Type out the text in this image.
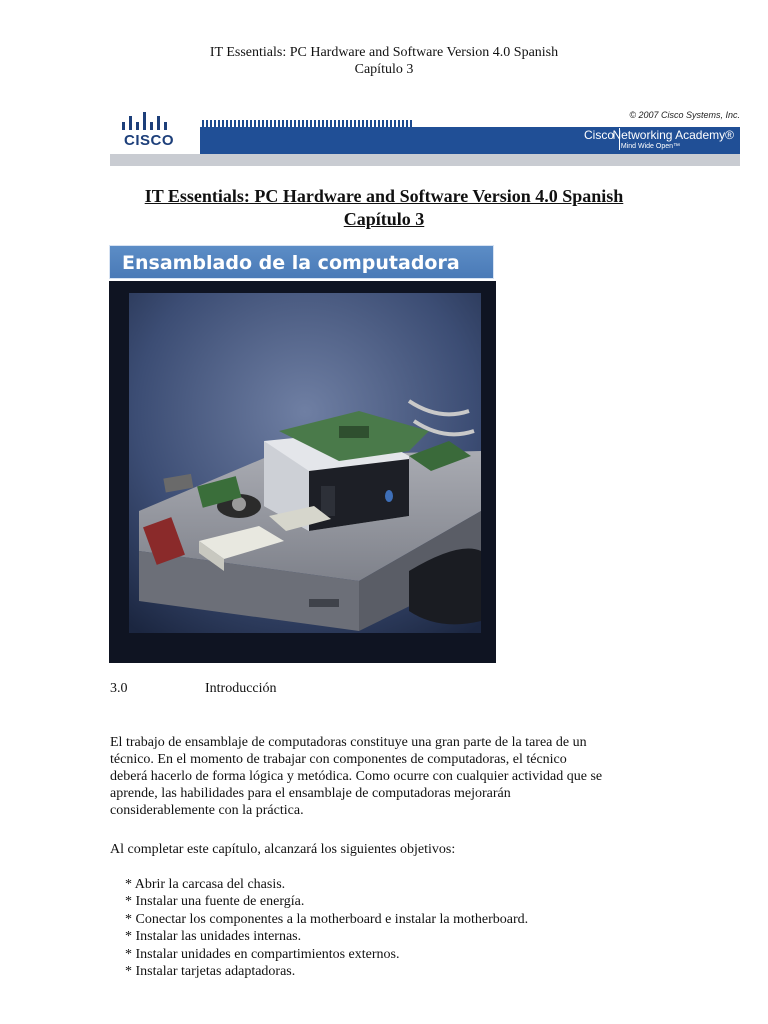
IT Essentials: PC Hardware and Software Version 4.0 Spanish
Capítulo 3
CISCO
© 2007 Cisco Systems, Inc.
Cisco
Networking Academy®
Mind Wide Open™
IT Essentials: PC Hardware and Software Version 4.0 Spanish
Capítulo 3
Ensamblado de la computadora
3.0	Introducción
El trabajo de ensamblaje de computadoras constituye una gran parte de la tarea de un
técnico. En el momento de trabajar con componentes de computadoras, el técnico
deberá hacerlo de forma lógica y metódica. Como ocurre con cualquier actividad que se
aprende, las habilidades para el ensamblaje de computadoras mejorarán
considerablemente con la práctica.
Al completar este capítulo, alcanzará los siguientes objetivos:
* Abrir la carcasa del chasis.
* Instalar una fuente de energía.
* Conectar los componentes a la motherboard e instalar la motherboard.
* Instalar las unidades internas.
* Instalar unidades en compartimientos externos.
* Instalar tarjetas adaptadoras.
